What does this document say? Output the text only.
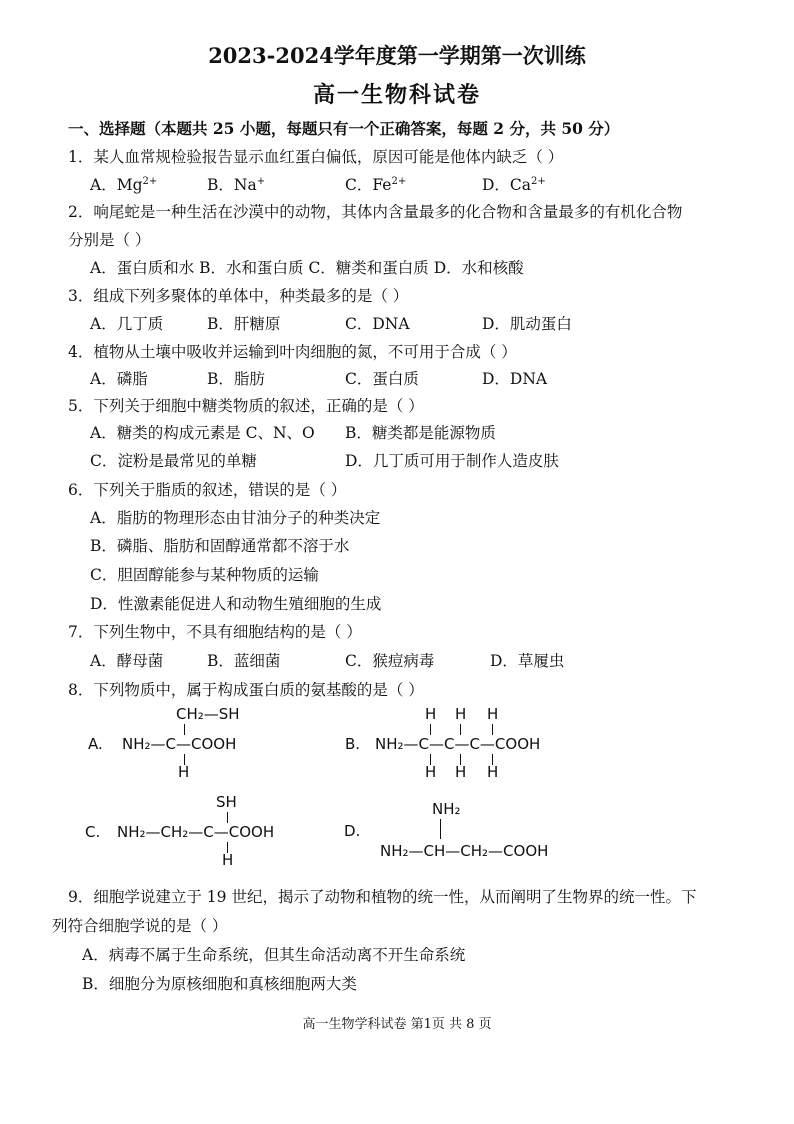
2023-2024学年度第一学期第一次训练
高一生物科试卷
一、选择题（本题共 25 小题，每题只有一个正确答案，每题 2 分，共 50 分）
1．某人血常规检验报告显示血红蛋白偏低，原因可能是他体内缺乏（ ）
A．$Mg^{2+}$	B．Na+	C．$Fe^{2+}$	D．$Ca^{2+}$
2．响尾蛇是一种生活在沙漠中的动物，其体内含量最多的化合物和含量最多的有机化合物
分别是（ ）
A．蛋白质和水 B．水和蛋白质 C．糖类和蛋白质 D．水和核酸
3．组成下列多聚体的单体中，种类最多的是（ ）
A．几丁质	B．肝糖原	C．DNA	D．肌动蛋白
4．植物从土壤中吸收并运输到叶肉细胞的氮，不可用于合成（ ）
A．磷脂	B．脂肪	C．蛋白质	D．DNA
5．下列关于细胞中糖类物质的叙述，正确的是（ ）
A．糖类的构成元素是 C、N、O B．糖类都是能源物质
C．淀粉是最常见的单糖	D．几丁质可用于制作人造皮肤
6．下列关于脂质的叙述，错误的是（ ）
A．脂肪的物理形态由甘油分子的种类决定
B．磷脂、脂肪和固醇通常都不溶于水
C．胆固醇能参与某种物质的运输
D．性激素能促进人和动物生殖细胞的生成
7．下列生物中，不具有细胞结构的是（ ）
A．酵母菌	B．蓝细菌	C．猴痘病毒	D．草履虫
8．下列物质中，属于构成蛋白质的氨基酸的是（ ）
A.
CH₂—SH
NH₂—C—COOH
H
B.
H H H
NH₂—C—C—C—COOH
H H H
C.
SH
NH₂—CH₂—C—COOH
H
D.
NH₂
NH₂—CH—CH₂—COOH
9．细胞学说建立于 19 世纪，揭示了动物和植物的统一性，从而阐明了生物界的统一性。下
列符合细胞学说的是（ ）
A．病毒不属于生命系统，但其生命活动离不开生命系统
B．细胞分为原核细胞和真核细胞两大类
高一生物学科试卷 第1页 共 8 页
